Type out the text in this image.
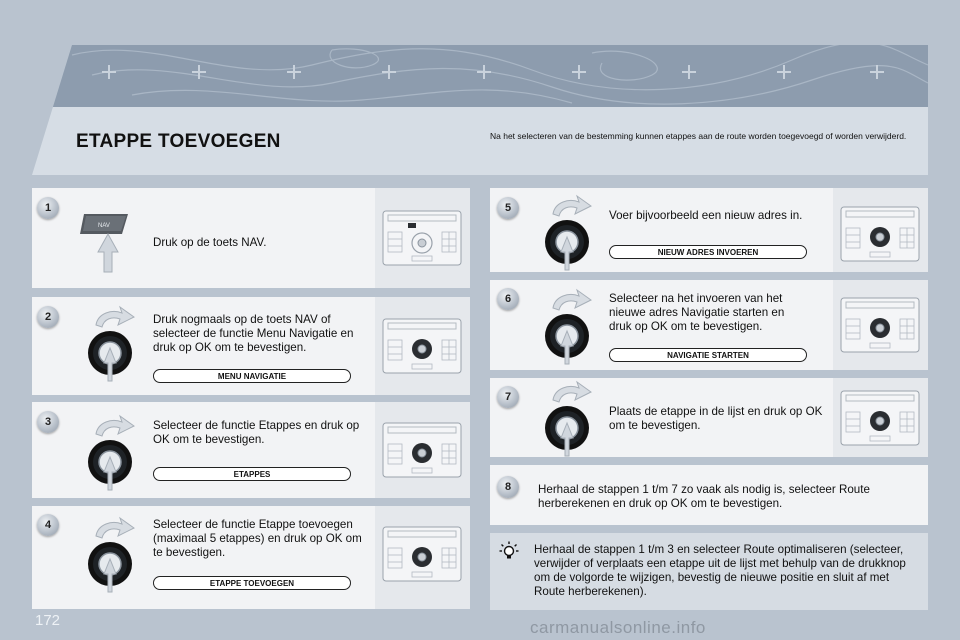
ETAPPE TOEVOEGEN	Na het selecteren van de bestemming kunnen etappes aan de route worden toegevoegd of worden verwijderd.
1
NAV
Druk op de toets NAV.
2	Druk nogmaals op de toets NAV of selecteer de functie Menu Navigatie en druk op OK om te bevestigen.
MENU NAVIGATIE
3	Selecteer de functie Etappes en druk op OK om te bevestigen.
ETAPPES
4	Selecteer de functie Etappe toevoegen (maximaal 5 etappes) en druk op OK om te bevestigen.
ETAPPE TOEVOEGEN
5
Voer bijvoorbeeld een nieuw adres in.
NIEUW ADRES INVOEREN
6	Selecteer na het invoeren van het nieuwe adres Navigatie starten en druk op OK om te bevestigen.
NAVIGATIE STARTEN
7
Plaats de etappe in de lijst en druk op OK om te bevestigen.
8	Herhaal de stappen 1 t/m 7 zo vaak als nodig is, selecteer Route herberekenen en druk op OK om te bevestigen.
Herhaal de stappen 1 t/m 3 en selecteer Route optimaliseren (selecteer, verwijder of verplaats een etappe uit de lijst met behulp van de drukknop om de volgorde te wijzigen, bevestig de nieuwe positie en sluit af met Route herberekenen).
172	carmanualsonline.info
